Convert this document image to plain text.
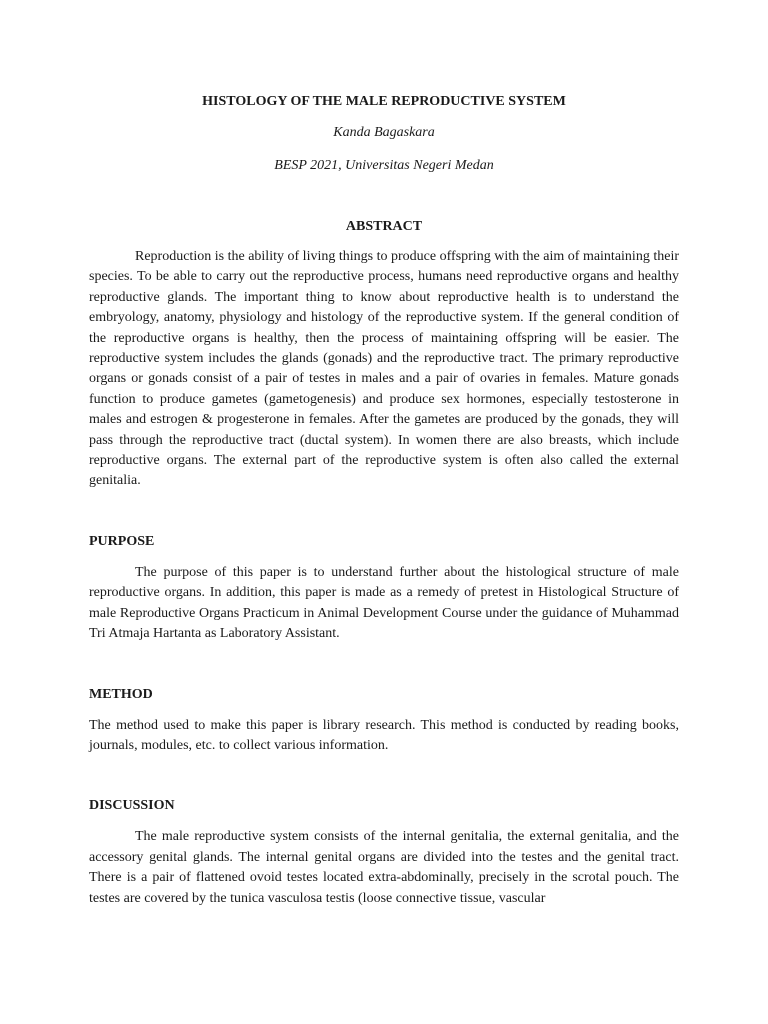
HISTOLOGY OF THE MALE REPRODUCTIVE SYSTEM

Kanda Bagaskara

BESP 2021, Universitas Negeri Medan

ABSTRACT

Reproduction is the ability of living things to produce offspring with the aim of maintaining their species. To be able to carry out the reproductive process, humans need reproductive organs and healthy reproductive glands. The important thing to know about reproductive health is to understand the embryology, anatomy, physiology and histology of the reproductive system. If the general condition of the reproductive organs is healthy, then the process of maintaining offspring will be easier. The reproductive system includes the glands (gonads) and the reproductive tract. The primary reproductive organs or gonads consist of a pair of testes in males and a pair of ovaries in females. Mature gonads function to produce gametes (gametogenesis) and produce sex hormones, especially testosterone in males and estrogen & progesterone in females. After the gametes are produced by the gonads, they will pass through the reproductive tract (ductal system). In women there are also breasts, which include reproductive organs. The external part of the reproductive system is often also called the external genitalia.

PURPOSE

The purpose of this paper is to understand further about the histological structure of male reproductive organs. In addition, this paper is made as a remedy of pretest in Histological Structure of male Reproductive Organs Practicum in Animal Development Course under the guidance of Muhammad Tri Atmaja Hartanta as Laboratory Assistant.

METHOD

The method used to make this paper is library research. This method is conducted by reading books, journals, modules, etc. to collect various information.

DISCUSSION

The male reproductive system consists of the internal genitalia, the external genitalia, and the accessory genital glands. The internal genital organs are divided into the testes and the genital tract. There is a pair of flattened ovoid testes located extra-abdominally, precisely in the scrotal pouch. The testes are covered by the tunica vasculosa testis (loose connective tissue, vascular
